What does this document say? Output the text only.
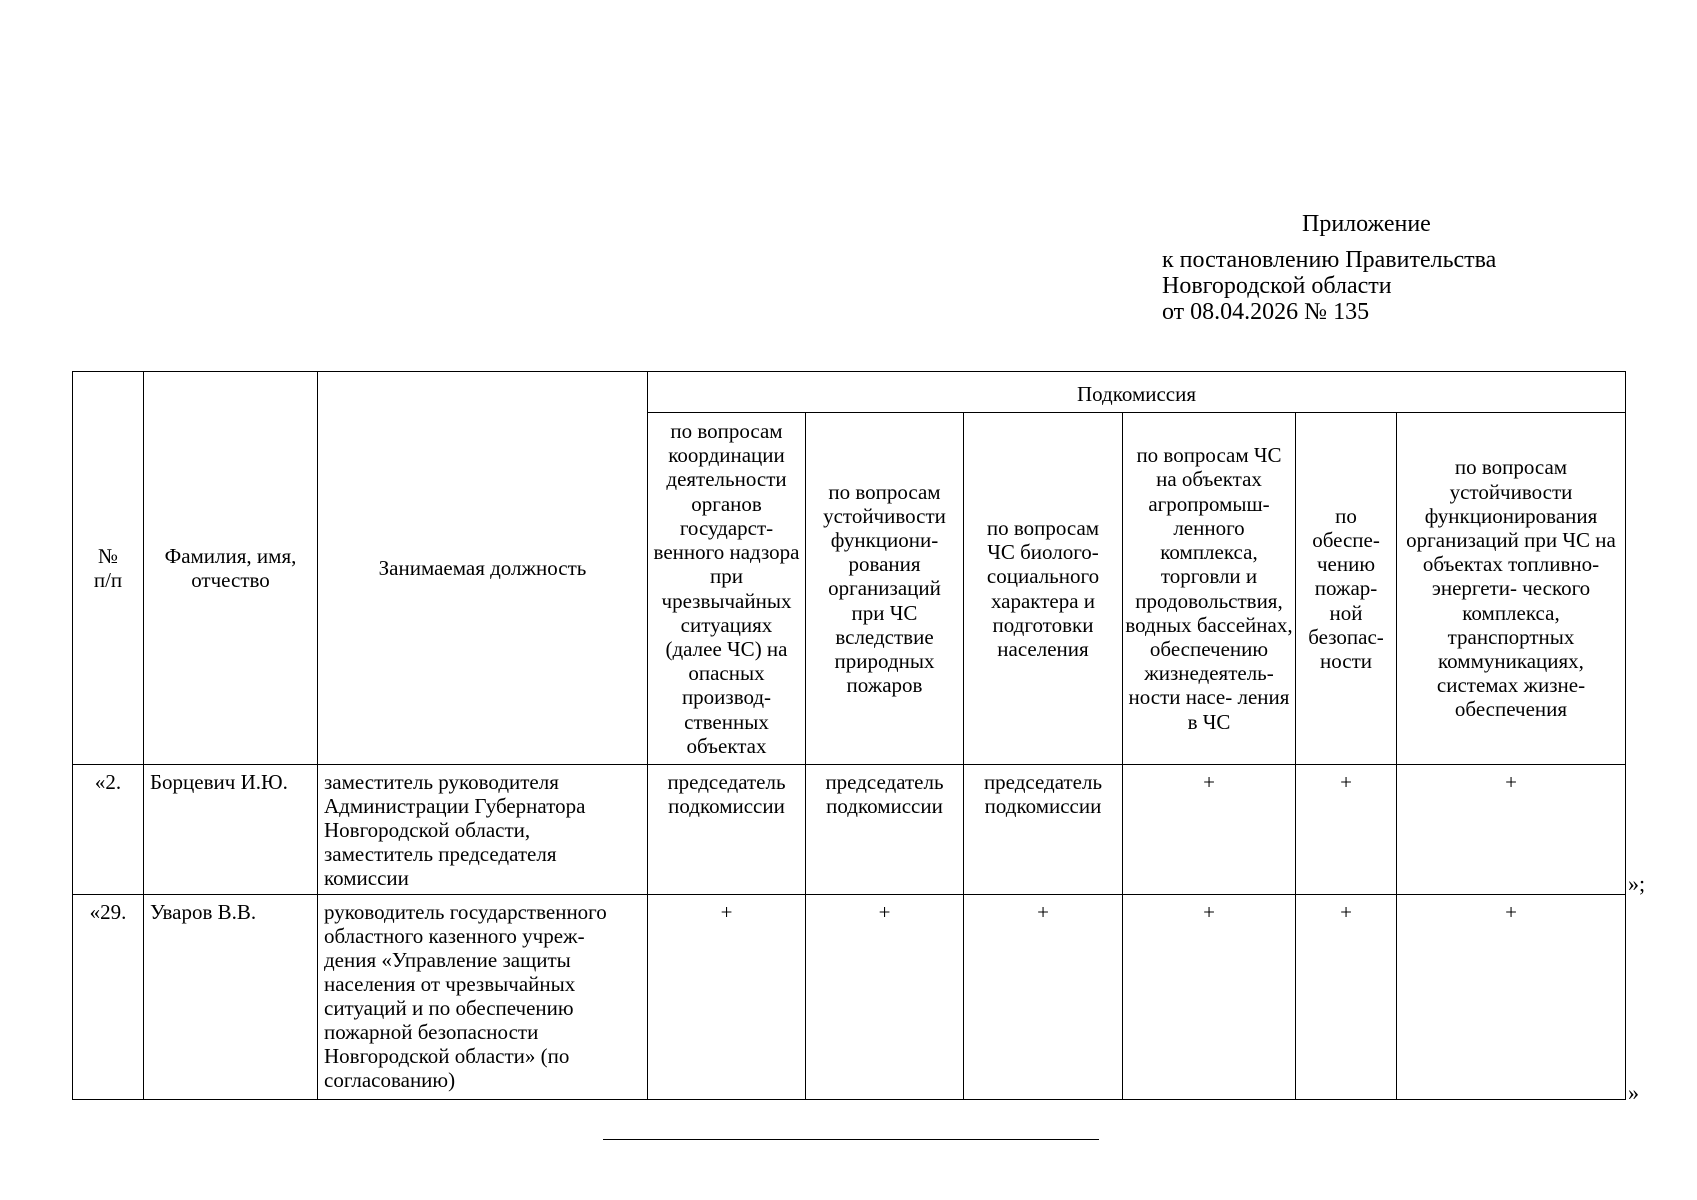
Приложение
к постановлению Правительства
Новгородской области
от 08.04.2026 № 135
№ п/п	Фамилия, имя, отчество	Занимаемая должность	Подкомиссия					
			по вопросам координации деятельности органов государст- венного надзора при чрезвычайных ситуациях (далее ЧС) на опасных производ- ственных объектах	по вопросам устойчивости функциони- рования организаций при ЧС вследствие природных пожаров	по вопросам ЧС биолого- социального характера и подготовки населения	по вопросам ЧС на объектах агропромыш- ленного комплекса, торговли и продовольствия, водных бассейнах, обеспечению жизнедеятель- ности насе- ления в ЧС	по обеспе- чению пожар- ной безопас- ности	по вопросам устойчивости функционирования организаций при ЧС на объектах топливно-энергети- ческого комплекса, транспортных коммуникациях, системах жизне- обеспечения
«2.	Борцевич И.Ю.	заместитель руководителя Администрации Губернатора Новгородской области, заместитель председателя комиссии	председатель подкомиссии	председатель подкомиссии	председатель подкомиссии	+	+	+
«29.	Уваров В.В.	руководитель государственного областного казенного учреж- дения «Управление защиты населения от чрезвычайных ситуаций и по обеспечению пожарной безопасности Новгородской области» (по согласованию)	+	+	+	+	+	+
»;
»
